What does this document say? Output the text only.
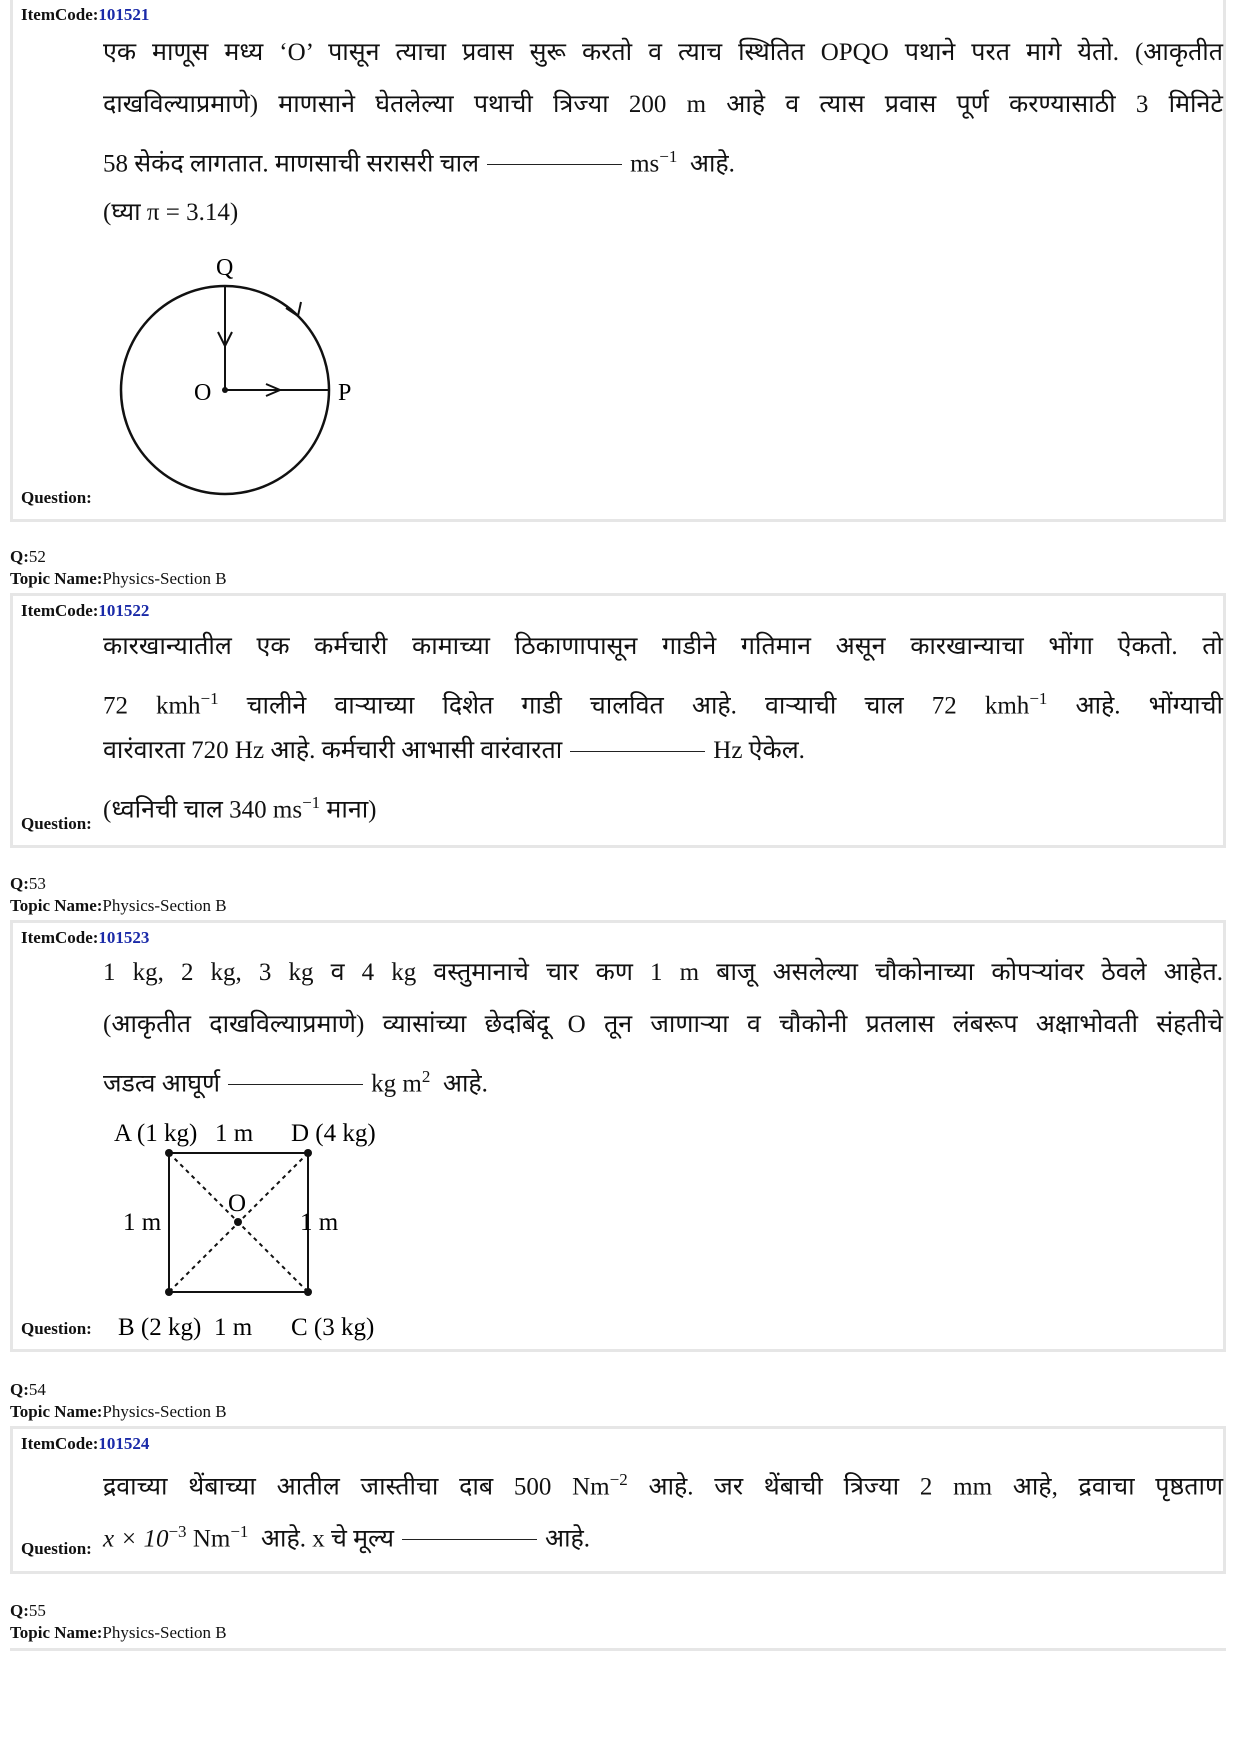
ItemCode:101521
एक माणूस मध्य ‘O’ पासून त्याचा प्रवास सुरू करतो व त्याच स्थितित OPQO पथाने परत मागे येतो. (आकृतीत
दाखविल्याप्रमाणे) माणसाने घेतलेल्या पथाची त्रिज्या 200 m आहे व त्यास प्रवास पूर्ण करण्यासाठी 3 मिनिटे
58 सेकंद लागतात. माणसाची सरासरी चाल	$ms^{-1}$ आहे.
(घ्या π = 3.14)
Q
O	P
Question:
Q:52
Topic Name:Physics-Section B
ItemCode:101522
कारखान्यातील एक कर्मचारी कामाच्या ठिकाणापासून गाडीने गतिमान असून कारखान्याचा भोंगा ऐकतो. तो
72 kmh$^{-1}$ चालीने वाऱ्याच्या दिशेत गाडी चालवित आहे. वाऱ्याची चाल 72 kmh$^{-1}$ आहे. भोंग्याची
वारंवारता 720 Hz आहे. कर्मचारी आभासी वारंवारता	Hz ऐकेल.
(ध्वनिची चाल 340 $ms^{-1}$ माना)
Question:
Q:53
Topic Name:Physics-Section B
ItemCode:101523
1 kg, 2 kg, 3 kg व 4 kg वस्तुमानाचे चार कण 1 m बाजू असलेल्या चौकोनाच्या कोपऱ्यांवर ठेवले आहेत.
(आकृतीत दाखविल्याप्रमाणे) व्यासांच्या छेदबिंदू O तून जाणाऱ्या व चौकोनी प्रतलास लंबरूप अक्षाभोवती संहतीचे
जडत्व आघूर्ण	kg $m^2$ आहे.
A (1 kg) 1 m D (4 kg)
1 m
O
1 m
B (2 kg) 1 m C (3 kg)
Question:
Q:54
Topic Name:Physics-Section B
ItemCode:101524
द्रवाच्या थेंबाच्या आतील जास्तीचा दाब 500 $Nm^{-2}$ आहे. जर थेंबाची त्रिज्या 2 mm आहे, द्रवाचा पृष्ठताण
$x \times 10^{-3}$ $Nm^{-1}$ आहे. x चे मूल्य	आहे.
Question:
Q:55
Topic Name:Physics-Section B
